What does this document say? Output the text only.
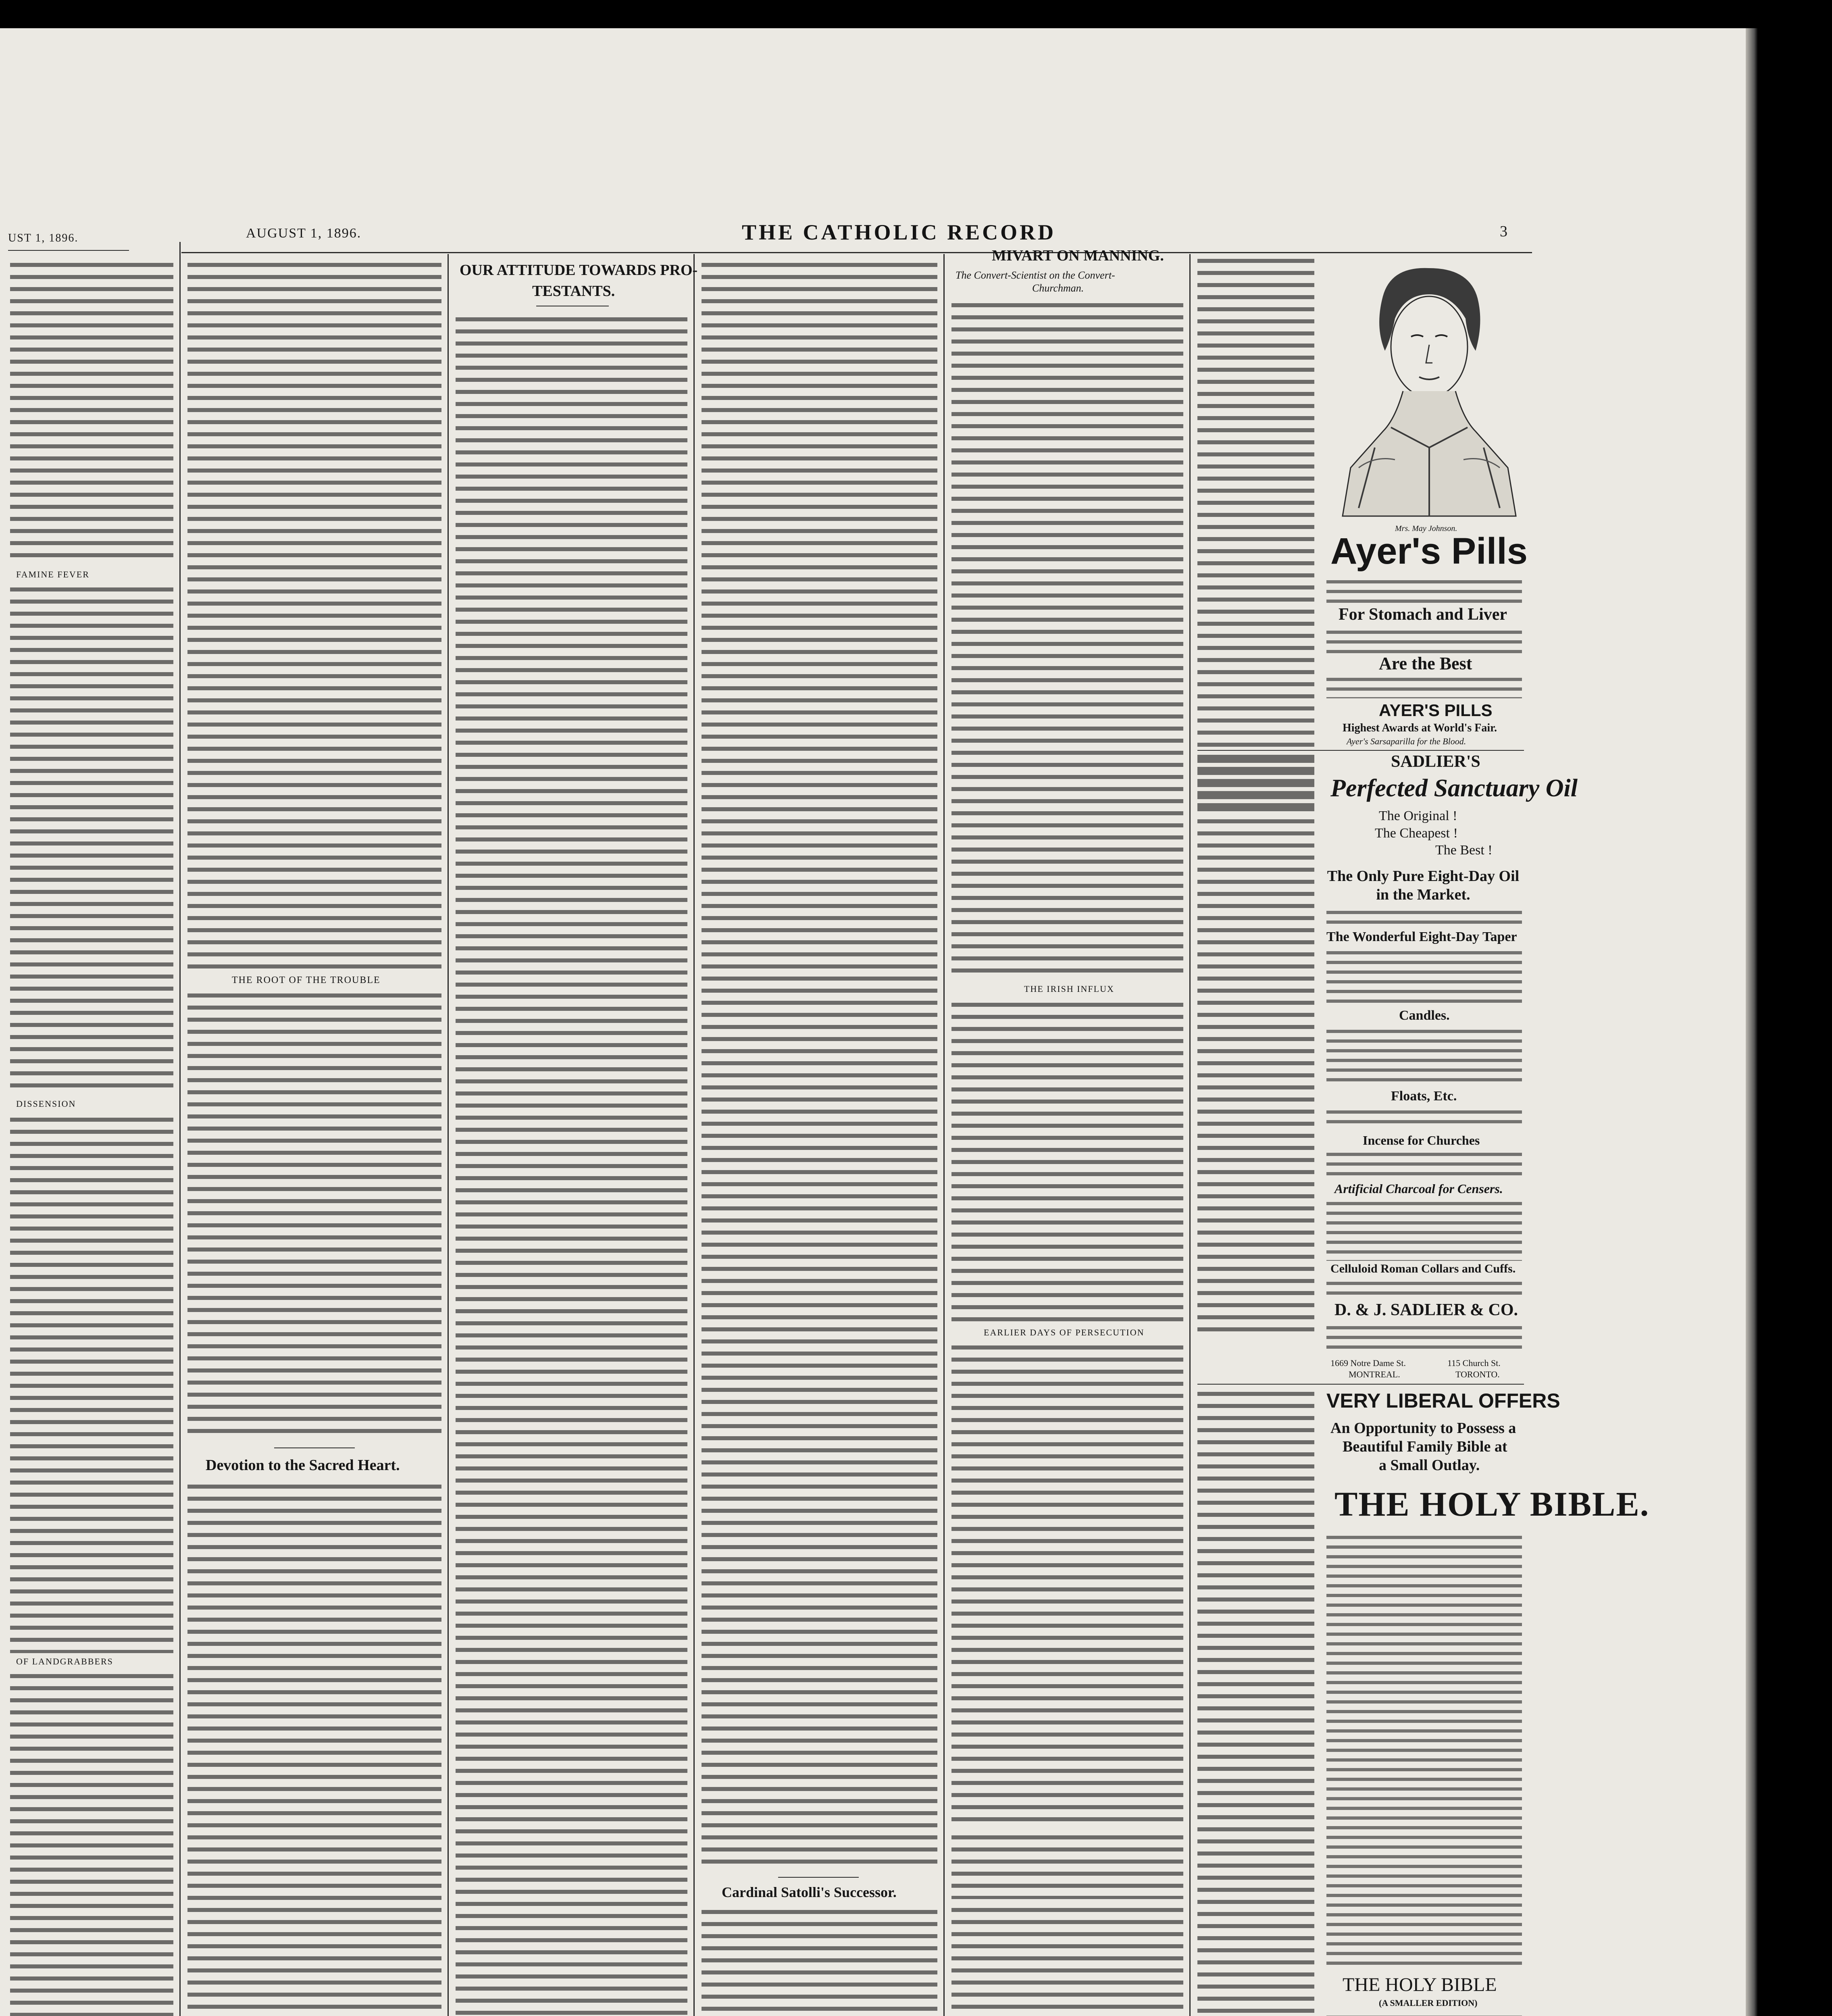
AUGUST 1, 1896.	THE CATHOLIC RECORD	3
UST 1, 1896.
FAMINE FEVER
DISSENSION
OF LANDGRABBERS
THE ROOT OF THE TROUBLE
Devotion to the Sacred Heart.
OUR ATTITUDE TOWARDS PRO-
TESTANTS.
Cardinal Satolli's Successor.
MIVART ON MANNING.
The Convert-Scientist on the Convert-
Churchman.
THE IRISH INFLUX
EARLIER DAYS OF PERSECUTION
Mrs. May Johnson.
Ayer's Pills
For Stomach and Liver
Are the Best
AYER'S PILLS
Highest Awards at World's Fair.
Ayer's Sarsaparilla for the Blood.
SADLIER'S
Perfected Sanctuary Oil
The Original !
The Cheapest !
The Best !
The Only Pure Eight-Day Oil in the Market.
The Wonderful Eight-Day Taper
Candles.
Floats, Etc.
Incense for Churches
Artificial Charcoal for Censers.
Celluloid Roman Collars and Cuffs.
D. & J. SADLIER & CO.
1669 Notre Dame St.
MONTREAL.
115 Church St.
TORONTO.
VERY LIBERAL OFFERS
An Opportunity to Possess a
Beautiful Family Bible at
a Small Outlay.
THE HOLY BIBLE.
THE HOLY BIBLE
(A SMALLER EDITION)
